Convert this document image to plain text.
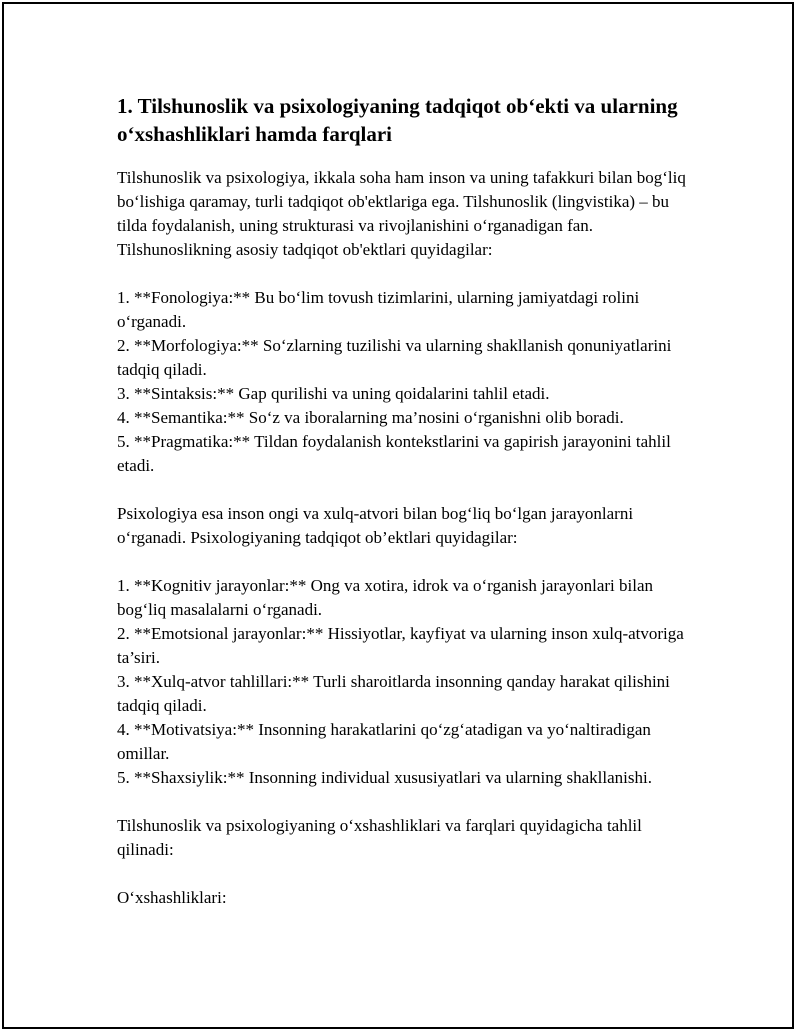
1. Tilshunoslik va psixologiyaning tadqiqot ob‘ekti va ularning o‘xshashliklari hamda farqlari

Tilshunoslik va psixologiya, ikkala soha ham inson va uning tafakkuri bilan bog‘liq bo‘lishiga qaramay, turli tadqiqot ob'ektlariga ega. Tilshunoslik (lingvistika) – bu tilda foydalanish, uning strukturasi va rivojlanishini o‘rganadigan fan. Tilshunoslikning asosiy tadqiqot ob'ektlari quyidagilar:

1. **Fonologiya:** Bu bo‘lim tovush tizimlarini, ularning jamiyatdagi rolini o‘rganadi.
2. **Morfologiya:** So‘zlarning tuzilishi va ularning shakllanish qonuniyatlarini tadqiq qiladi.
3. **Sintaksis:** Gap qurilishi va uning qoidalarini tahlil etadi.
4. **Semantika:** So‘z va iboralarning ma’nosini o‘rganishni olib boradi.
5. **Pragmatika:** Tildan foydalanish kontekstlarini va gapirish jarayonini tahlil etadi.

Psixologiya esa inson ongi va xulq-atvori bilan bog‘liq bo‘lgan jarayonlarni o‘rganadi. Psixologiyaning tadqiqot ob’ektlari quyidagilar:

1. **Kognitiv jarayonlar:** Ong va xotira, idrok va o‘rganish jarayonlari bilan bog‘liq masalalarni o‘rganadi.
2. **Emotsional jarayonlar:** Hissiyotlar, kayfiyat va ularning inson xulq-atvoriga ta’siri.
3. **Xulq-atvor tahlillari:** Turli sharoitlarda insonning qanday harakat qilishini tadqiq qiladi.
4. **Motivatsiya:** Insonning harakatlarini qo‘zg‘atadigan va yo‘naltiradigan omillar.
5. **Shaxsiylik:** Insonning individual xususiyatlari va ularning shakllanishi.

Tilshunoslik va psixologiyaning o‘xshashliklari va farqlari quyidagicha tahlil qilinadi:

O‘xshashliklari:
